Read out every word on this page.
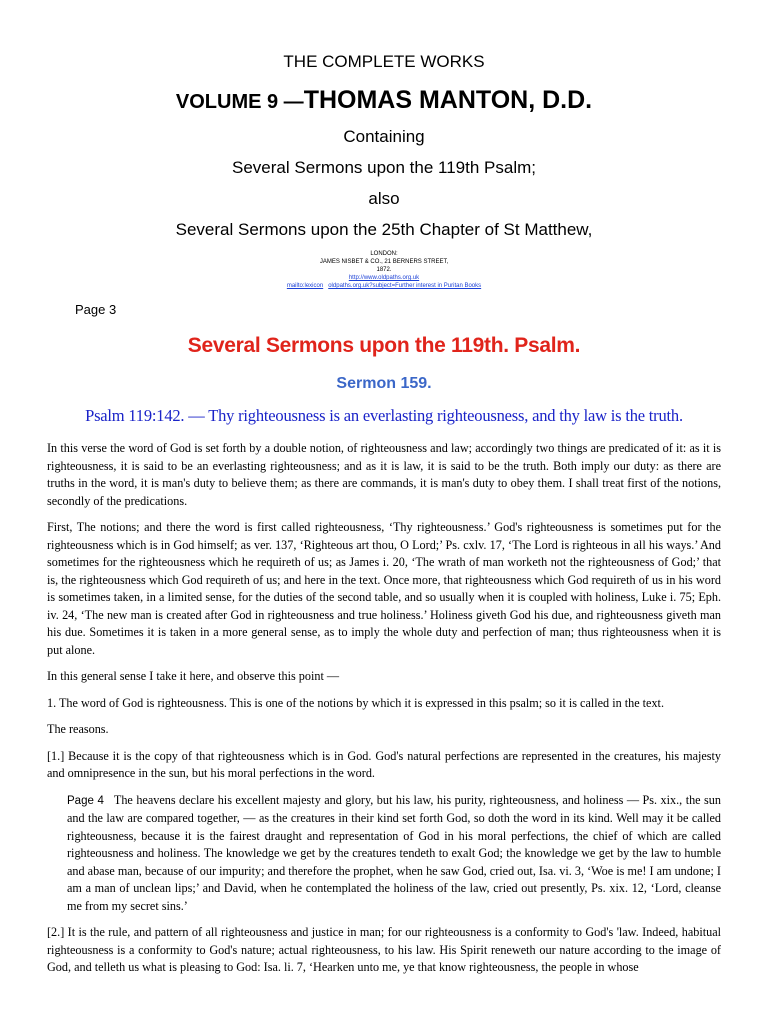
THE COMPLETE WORKS
VOLUME 9 —THOMAS MANTON, D.D.
Containing
Several Sermons upon the 119th Psalm;
also
Several Sermons upon the 25th Chapter of St Matthew,
LONDON:
JAMES NISBET & CO., 21 BERNERS STREET,
1872.
http://www.oldpaths.org.uk
mailto:lexicon oldpaths.org.uk?subject=Further interest in Puritan Books
Page 3
Several Sermons upon the 119th. Psalm.
Sermon 159.
Psalm 119:142. — Thy righteousness is an everlasting righteousness, and thy law is the truth.

In this verse the word of God is set forth by a double notion, of righteousness and law; accordingly two things are predicated of it: as it is righteousness, it is said to be an everlasting righteousness; and as it is law, it is said to be the truth. Both imply our duty: as there are truths in the word, it is man's duty to believe them; as there are commands, it is man's duty to obey them. I shall treat first of the notions, secondly of the predications.

First, The notions; and there the word is first called righteousness, ‘Thy righteousness.’ God's righteousness is sometimes put for the righteousness which is in God himself; as ver. 137, ‘Righteous art thou, O Lord;’ Ps. cxlv. 17, ‘The Lord is righteous in all his ways.’ And sometimes for the righteousness which he requireth of us; as James i. 20, ‘The wrath of man worketh not the righteousness of God;’ that is, the righteousness which God requireth of us; and here in the text. Once more, that righteousness which God requireth of us in his word is sometimes taken, in a limited sense, for the duties of the second table, and so usually when it is coupled with holiness, Luke i. 75; Eph. iv. 24, ‘The new man is created after God in righteousness and true holiness.’ Holiness giveth God his due, and righteousness giveth man his due. Sometimes it is taken in a more general sense, as to imply the whole duty and perfection of man; thus righteousness when it is put alone.

In this general sense I take it here, and observe this point —

1. The word of God is righteousness. This is one of the notions by which it is expressed in this psalm; so it is called in the text.

The reasons.

[1.] Because it is the copy of that righteousness which is in God. God's natural perfections are represented in the creatures, his majesty and omnipresence in the sun, but his moral perfections in the word.

Page 4 The heavens declare his excellent majesty and glory, but his law, his purity, righteousness, and holiness — Ps. xix., the sun and the law are compared together, — as the creatures in their kind set forth God, so doth the word in its kind. Well may it be called righteousness, because it is the fairest draught and representation of God in his moral perfections, the chief of which are called righteousness and holiness. The knowledge we get by the creatures tendeth to exalt God; the knowledge we get by the law to humble and abase man, because of our impurity; and therefore the prophet, when he saw God, cried out, Isa. vi. 3, ‘Woe is me! I am undone; I am a man of unclean lips;’ and David, when he contemplated the holiness of the law, cried out presently, Ps. xix. 12, ‘Lord, cleanse me from my secret sins.’

[2.] It is the rule, and pattern of all righteousness and justice in man; for our righteousness is a conformity to God's 'law. Indeed, habitual righteousness is a conformity to God's nature; actual righteousness, to his law. His Spirit reneweth our nature according to the image of God, and telleth us what is pleasing to God: Isa. li. 7, ‘Hearken unto me, ye that know righteousness, the people in whose
